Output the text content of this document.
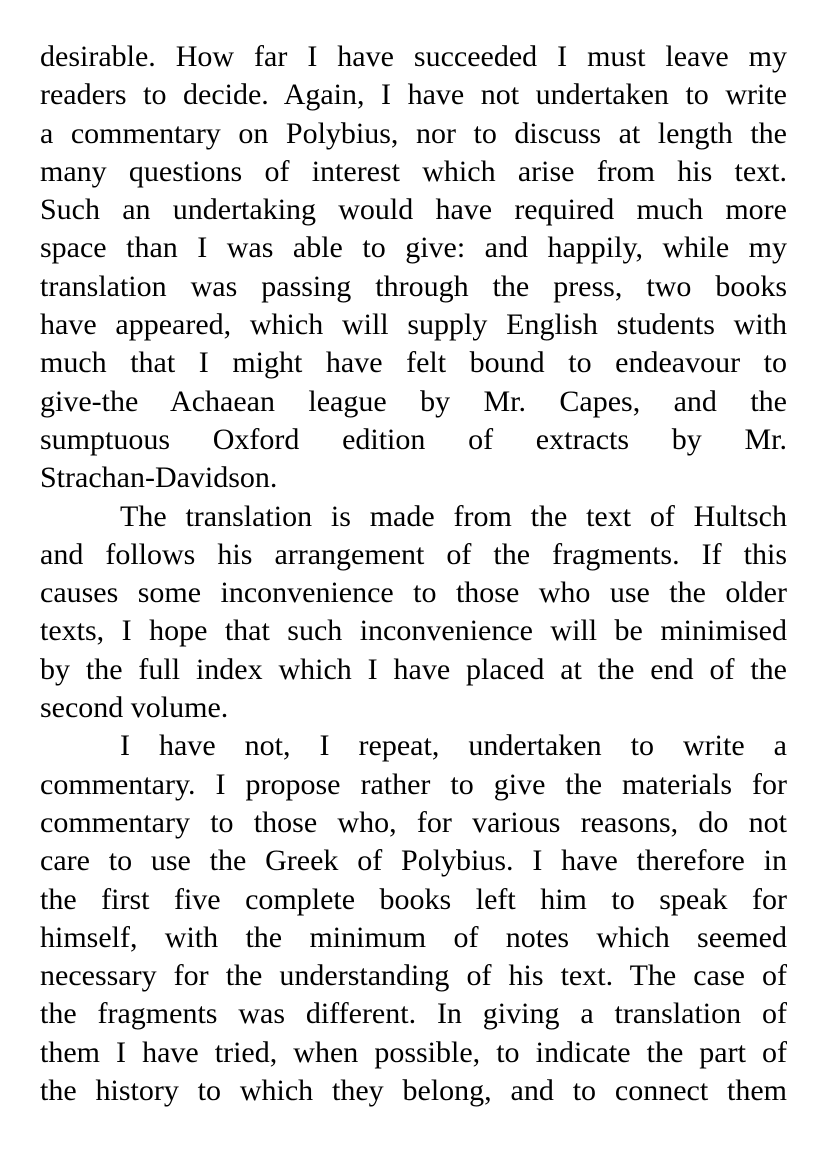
desirable. How far I have succeeded I must leave my
readers to decide. Again, I have not undertaken to write
a commentary on Polybius, nor to discuss at length the
many questions of interest which arise from his text.
Such an undertaking would have required much more
space than I was able to give: and happily, while my
translation was passing through the press, two books
have appeared, which will supply English students with
much that I might have felt bound to endeavour to
give-the Achaean league by Mr. Capes, and the
sumptuous Oxford edition of extracts by Mr.
Strachan-Davidson.
The translation is made from the text of Hultsch
and follows his arrangement of the fragments. If this
causes some inconvenience to those who use the older
texts, I hope that such inconvenience will be minimised
by the full index which I have placed at the end of the
second volume.
I have not, I repeat, undertaken to write a
commentary. I propose rather to give the materials for
commentary to those who, for various reasons, do not
care to use the Greek of Polybius. I have therefore in
the first five complete books left him to speak for
himself, with the minimum of notes which seemed
necessary for the understanding of his text. The case of
the fragments was different. In giving a translation of
them I have tried, when possible, to indicate the part of
the history to which they belong, and to connect them
